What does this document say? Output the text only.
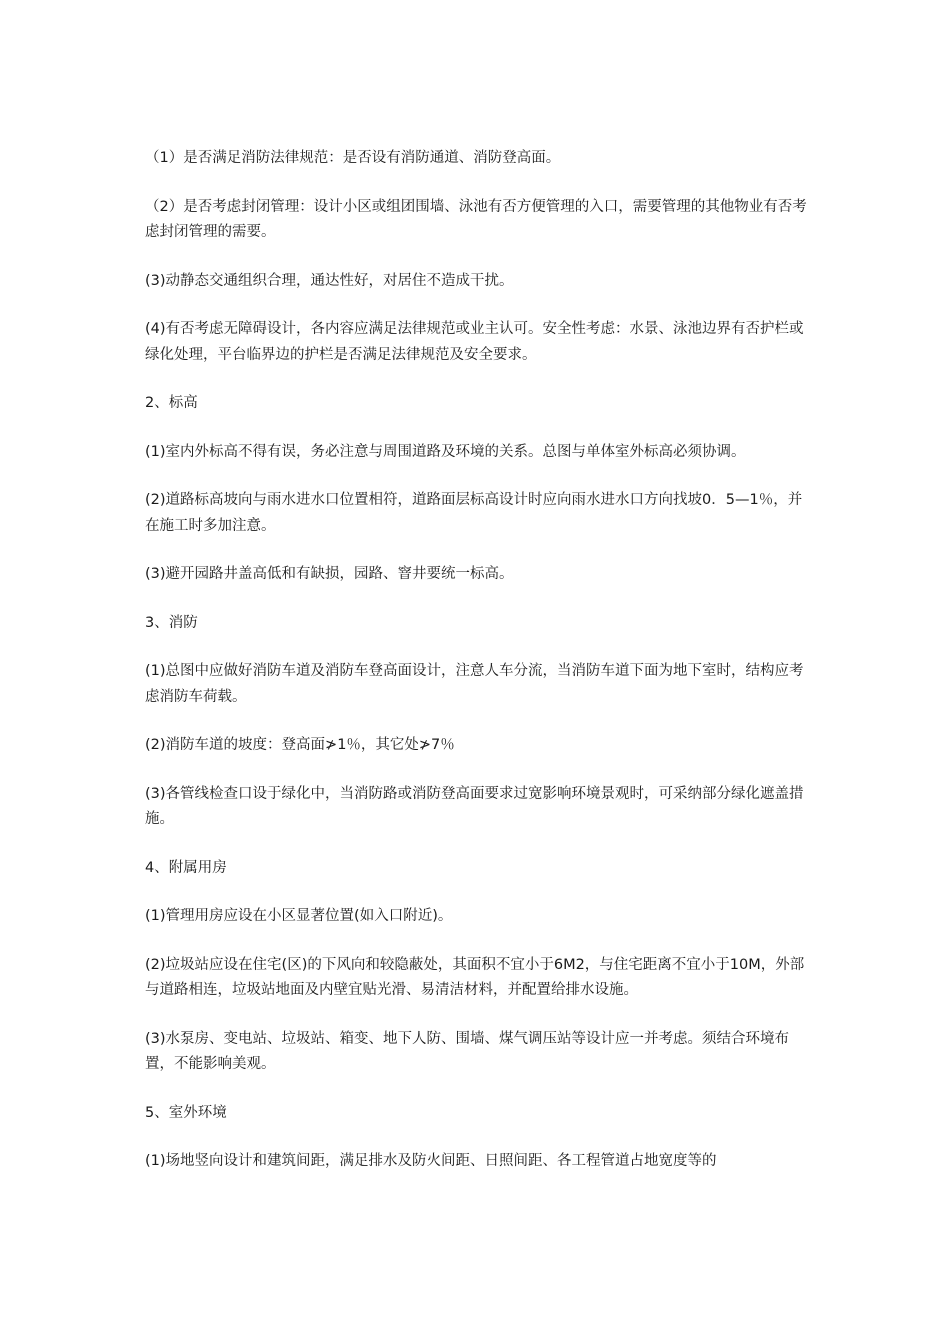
（1）是否满足消防法律规范：是否设有消防通道、消防登高面。

（2）是否考虑封闭管理：设计小区或组团围墙、泳池有否方便管理的入口，需要管理的其他物业有否考虑封闭管理的需要。

(3)动静态交通组织合理，通达性好，对居住不造成干扰。

(4)有否考虑无障碍设计，各内容应满足法律规范或业主认可。安全性考虑：水景、泳池边界有否护栏或绿化处理，平台临界边的护栏是否满足法律规范及安全要求。

2、标高

(1)室内外标高不得有误，务必注意与周围道路及环境的关系。总图与单体室外标高必须协调。

(2)道路标高坡向与雨水进水口位置相符，道路面层标高设计时应向雨水进水口方向找坡0．5—1％，并在施工时多加注意。

(3)避开园路井盖高低和有缺损，园路、窨井要统一标高。

3、消防

(1)总图中应做好消防车道及消防车登高面设计，注意人车分流，当消防车道下面为地下室时，结构应考虑消防车荷载。

(2)消防车道的坡度：登高面≯1％，其它处≯7％

(3)各管线检查口设于绿化中，当消防路或消防登高面要求过宽影响环境景观时，可采纳部分绿化遮盖措施。

4、附属用房

(1)管理用房应设在小区显著位置(如入口附近)。

(2)垃圾站应设在住宅(区)的下风向和较隐蔽处，其面积不宜小于6M2，与住宅距离不宜小于10M，外部与道路相连，垃圾站地面及内壁宜贴光滑、易清洁材料，并配置给排水设施。

(3)水泵房、变电站、垃圾站、箱变、地下人防、围墙、煤气调压站等设计应一并考虑。须结合环境布置，不能影响美观。

5、室外环境

(1)场地竖向设计和建筑间距，满足排水及防火间距、日照间距、各工程管道占地宽度等的
